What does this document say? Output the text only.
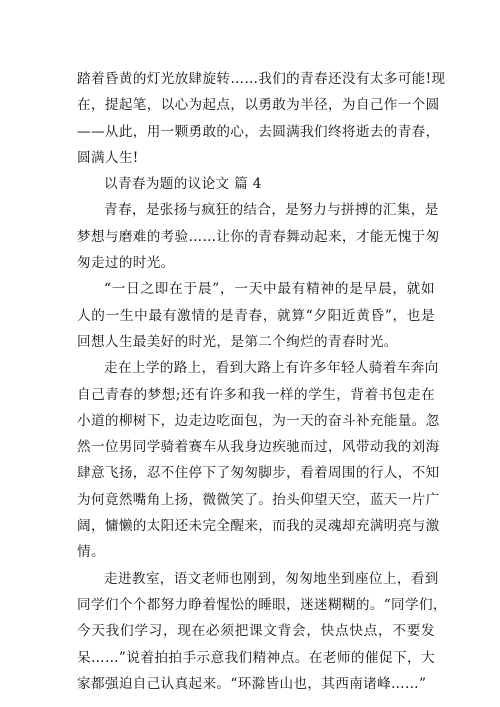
踏着昏黄的灯光放肆旋转……我们的青春还没有太多可能!现
在，提起笔，以心为起点，以勇敢为半径，为自己作一个圆
——从此，用一颗勇敢的心，去圆满我们终将逝去的青春，
圆满人生!
以青春为题的议论文 篇 4
青春，是张扬与疯狂的结合，是努力与拼搏的汇集，是
梦想与磨难的考验……让你的青春舞动起来，才能无愧于匆
匆走过的时光。
“一日之即在于晨”，一天中最有精神的是早晨，就如
人的一生中最有激情的是青春，就算“夕阳近黄昏”，也是
回想人生最美好的时光，是第二个绚烂的青春时光。
走在上学的路上，看到大路上有许多年轻人骑着车奔向
自己青春的梦想;还有许多和我一样的学生，背着书包走在
小道的柳树下，边走边吃面包，为一天的奋斗补充能量。忽
然一位男同学骑着赛车从我身边疾驰而过，风带动我的刘海
肆意飞扬，忍不住停下了匆匆脚步，看着周围的行人，不知
为何竟然嘴角上扬，微微笑了。抬头仰望天空，蓝天一片广
阔，慵懒的太阳还未完全醒来，而我的灵魂却充满明亮与激
情。
走进教室，语文老师也刚到，匆匆地坐到座位上，看到
同学们个个都努力睁着惺忪的睡眼，迷迷糊糊的。“同学们，
今天我们学习，现在必须把课文背会，快点快点，不要发
呆……”说着拍拍手示意我们精神点。在老师的催促下，大
家都强迫自己认真起来。“环滁皆山也，其西南诸峰……”
